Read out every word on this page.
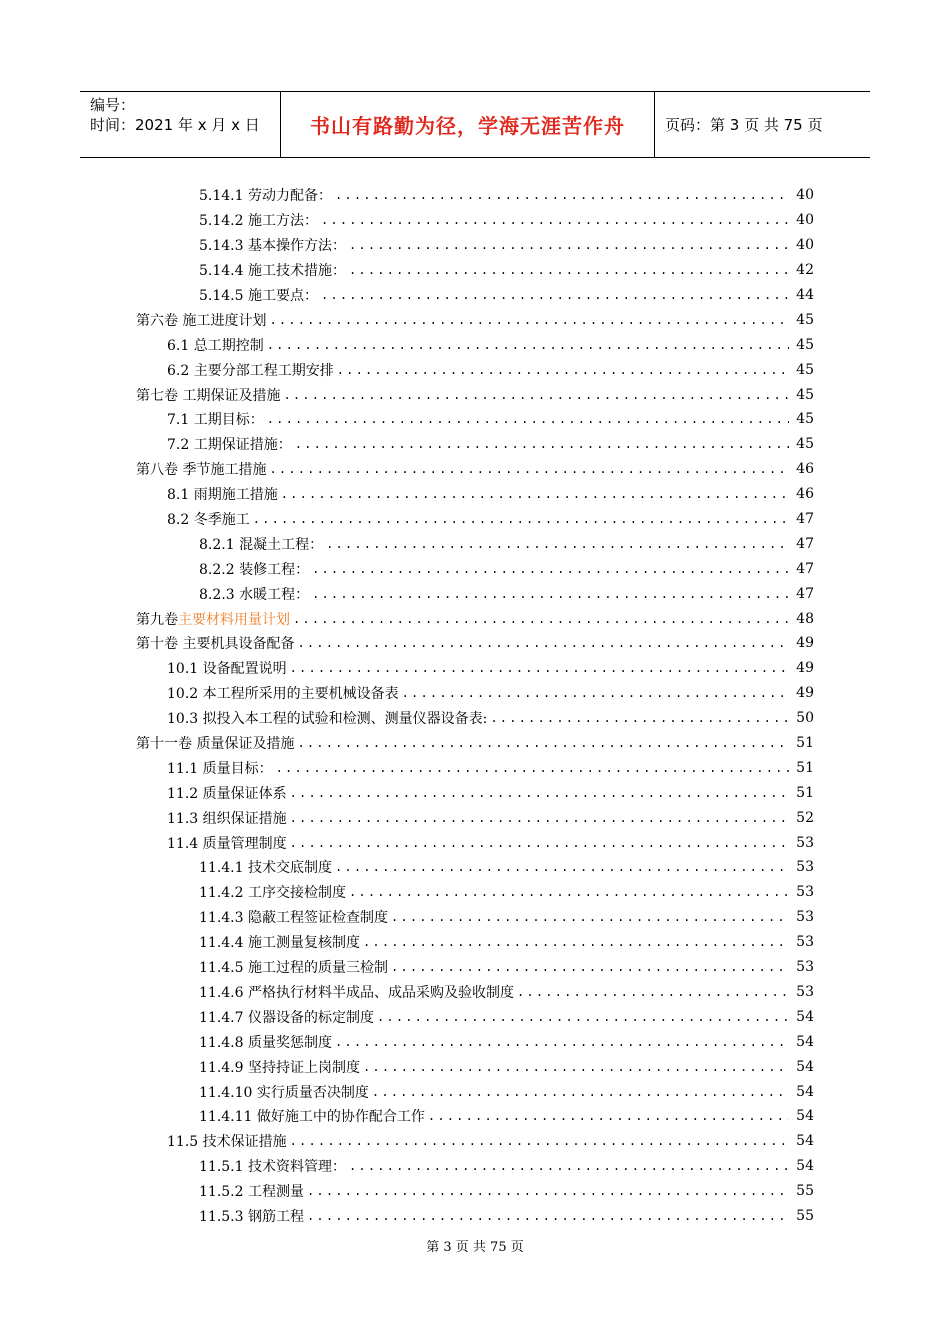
编号：
时间：2021 年 x 月 x 日	书山有路勤为径，学海无涯苦作舟	页码：第 3 页 共 75 页
5.14.1 劳动力配备： .....	40
5.14.2 施工方法： .....	40
5.14.3 基本操作方法： .....	40
5.14.4 施工技术措施： .....	42
5.14.5 施工要点： .....	44
第六卷 施工进度计划 .....	45
6.1 总工期控制 .....	45
6.2 主要分部工程工期安排 .....	45
第七卷 工期保证及措施 .....	45
7.1 工期目标： .....	45
7.2 工期保证措施： .....	45
第八卷 季节施工措施 .....	46
8.1 雨期施工措施 .....	46
8.2 冬季施工 .....	47
8.2.1 混凝土工程： .....	47
8.2.2 装修工程： .....	47
8.2.3 水暖工程： .....	47
第九卷 主要材料用量计划 .....	48
第十卷 主要机具设备配备 .....	49
10.1 设备配置说明 .....	49
10.2 本工程所采用的主要机械设备表 .....	49
10.3 拟投入本工程的试验和检测、测量仪器设备表: .....	50
第十一卷 质量保证及措施 .....	51
11.1 质量目标： .....	51
11.2 质量保证体系 .....	51
11.3 组织保证措施 .....	52
11.4 质量管理制度 .....	53
11.4.1 技术交底制度 .....	53
11.4.2 工序交接检制度 .....	53
11.4.3 隐蔽工程签证检查制度 .....	53
11.4.4 施工测量复核制度 .....	53
11.4.5 施工过程的质量三检制 .....	53
11.4.6 严格执行材料半成品、成品采购及验收制度 .....	53
11.4.7 仪器设备的标定制度 .....	54
11.4.8 质量奖惩制度 .....	54
11.4.9 坚持持证上岗制度 .....	54
11.4.10 实行质量否决制度 .....	54
11.4.11 做好施工中的协作配合工作 .....	54
11.5 技术保证措施 .....	54
11.5.1 技术资料管理： .....	54
11.5.2 工程测量 .....	55
11.5.3 钢筋工程 .....	55
第 3 页 共 75 页
